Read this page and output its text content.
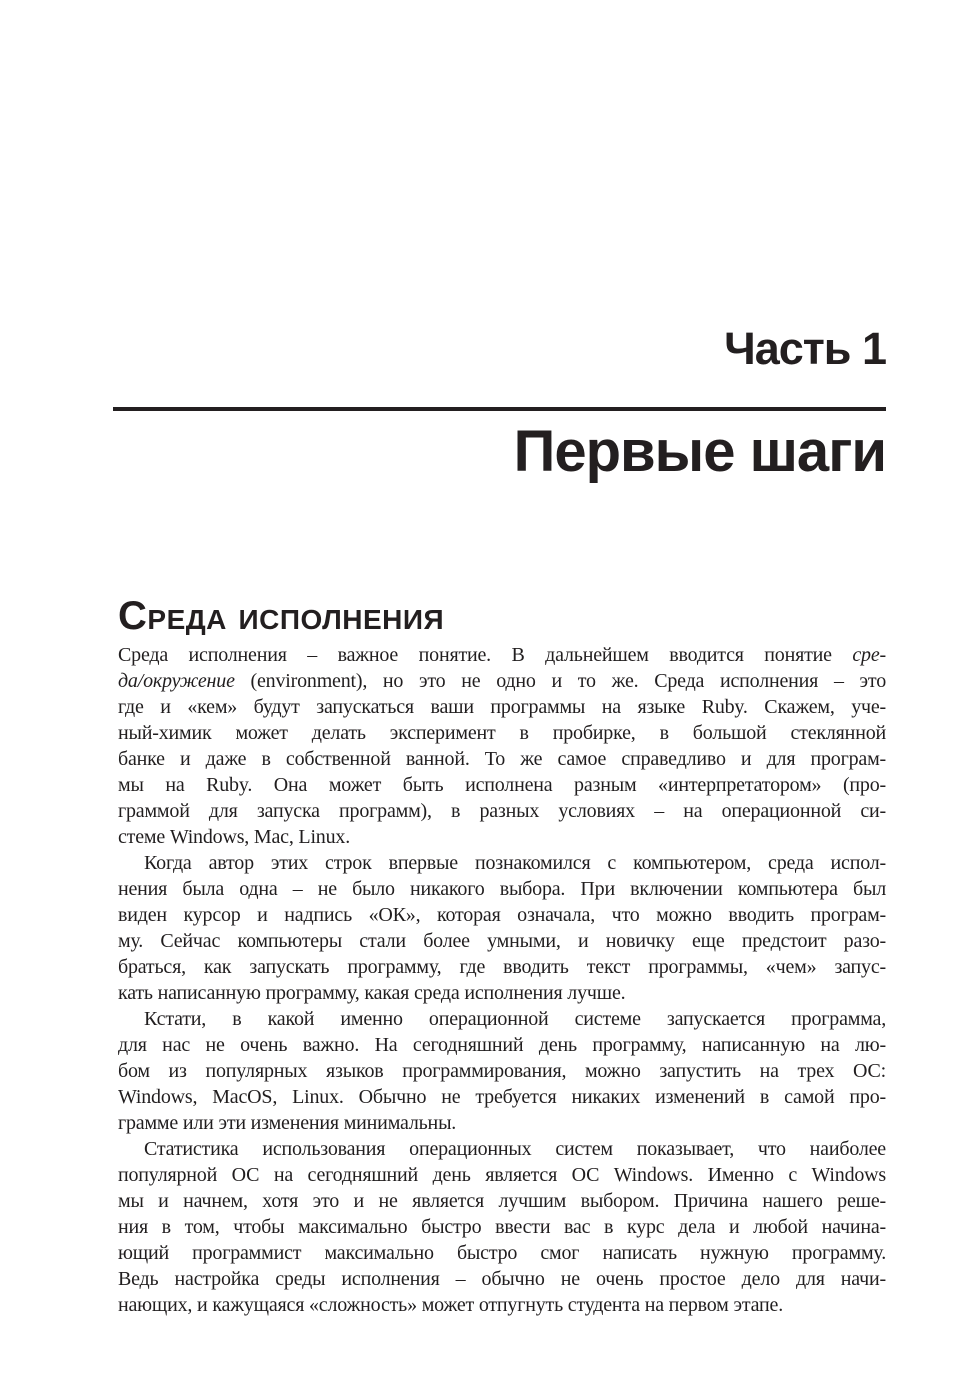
Часть 1
Первые шаги
Среда исполнения
Среда исполнения – важное понятие. В дальнейшем вводится понятие сре-
да/окружение (environment), но это не одно и то же. Среда исполнения – это
где и «кем» будут запускаться ваши программы на языке Ruby. Скажем, уче-
ный-химик может делать эксперимент в пробирке, в большой стеклянной
банке и даже в собственной ванной. То же самое справедливо и для програм-
мы на Ruby. Она может быть исполнена разным «интерпретатором» (про-
граммой для запуска программ), в разных условиях – на операционной си-
стеме Windows, Mac, Linux.
Когда автор этих строк впервые познакомился с компьютером, среда испол-
нения была одна – не было никакого выбора. При включении компьютера был
виден курсор и надпись «ОК», которая означала, что можно вводить програм-
му. Сейчас компьютеры стали более умными, и новичку еще предстоит разо-
браться, как запускать программу, где вводить текст программы, «чем» запус-
кать написанную программу, какая среда исполнения лучше.
Кстати, в какой именно операционной системе запускается программа,
для нас не очень важно. На сегодняшний день программу, написанную на лю-
бом из популярных языков программирования, можно запустить на трех ОС:
Windows, MacOS, Linux. Обычно не требуется никаких изменений в самой про-
грамме или эти изменения минимальны.
Статистика использования операционных систем показывает, что наиболее
популярной ОС на сегодняшний день является ОС Windows. Именно с Windows
мы и начнем, хотя это и не является лучшим выбором. Причина нашего реше-
ния в том, чтобы максимально быстро ввести вас в курс дела и любой начина-
ющий программист максимально быстро смог написать нужную программу.
Ведь настройка среды исполнения – обычно не очень простое дело для начи-
нающих, и кажущаяся «сложность» может отпугнуть студента на первом этапе.
